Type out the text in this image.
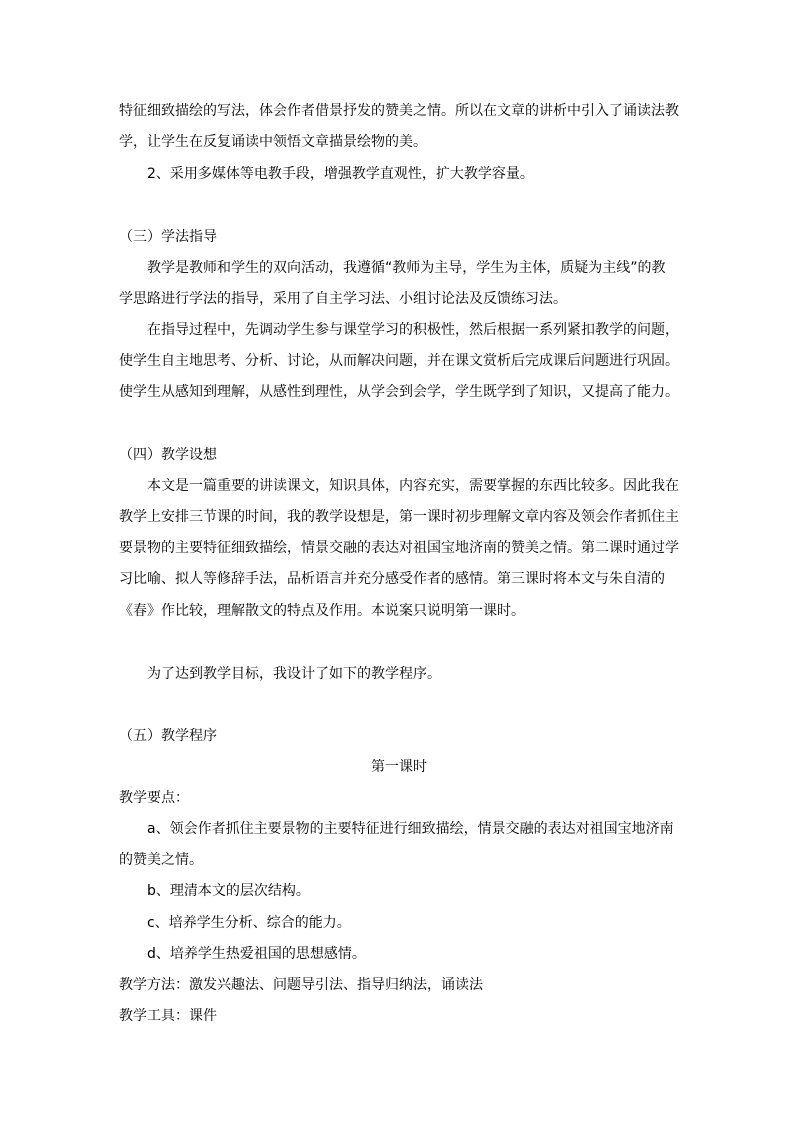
特征细致描绘的写法，体会作者借景抒发的赞美之情。所以在文章的讲析中引入了诵读法教
学，让学生在反复诵读中领悟文章描景绘物的美。
2、采用多媒体等电教手段，增强教学直观性，扩大教学容量。
（三）学法指导
教学是教师和学生的双向活动，我遵循“教师为主导，学生为主体，质疑为主线”的教
学思路进行学法的指导，采用了自主学习法、小组讨论法及反馈练习法。
在指导过程中，先调动学生参与课堂学习的积极性，然后根据一系列紧扣教学的问题，
使学生自主地思考、分析、讨论，从而解决问题，并在课文赏析后完成课后问题进行巩固。
使学生从感知到理解，从感性到理性，从学会到会学，学生既学到了知识，又提高了能力。
（四）教学设想
本文是一篇重要的讲读课文，知识具体，内容充实，需要掌握的东西比较多。因此我在
教学上安排三节课的时间，我的教学设想是，第一课时初步理解文章内容及领会作者抓住主
要景物的主要特征细致描绘，情景交融的表达对祖国宝地济南的赞美之情。第二课时通过学
习比喻、拟人等修辞手法，品析语言并充分感受作者的感情。第三课时将本文与朱自清的
《春》作比较，理解散文的特点及作用。本说案只说明第一课时。
为了达到教学目标，我设计了如下的教学程序。
（五）教学程序
第一课时
教学要点：
a、领会作者抓住主要景物的主要特征进行细致描绘，情景交融的表达对祖国宝地济南
的赞美之情。
b、理清本文的层次结构。
c、培养学生分析、综合的能力。
d、培养学生热爱祖国的思想感情。
教学方法：激发兴趣法、问题导引法、指导归纳法，诵读法
教学工具：课件
